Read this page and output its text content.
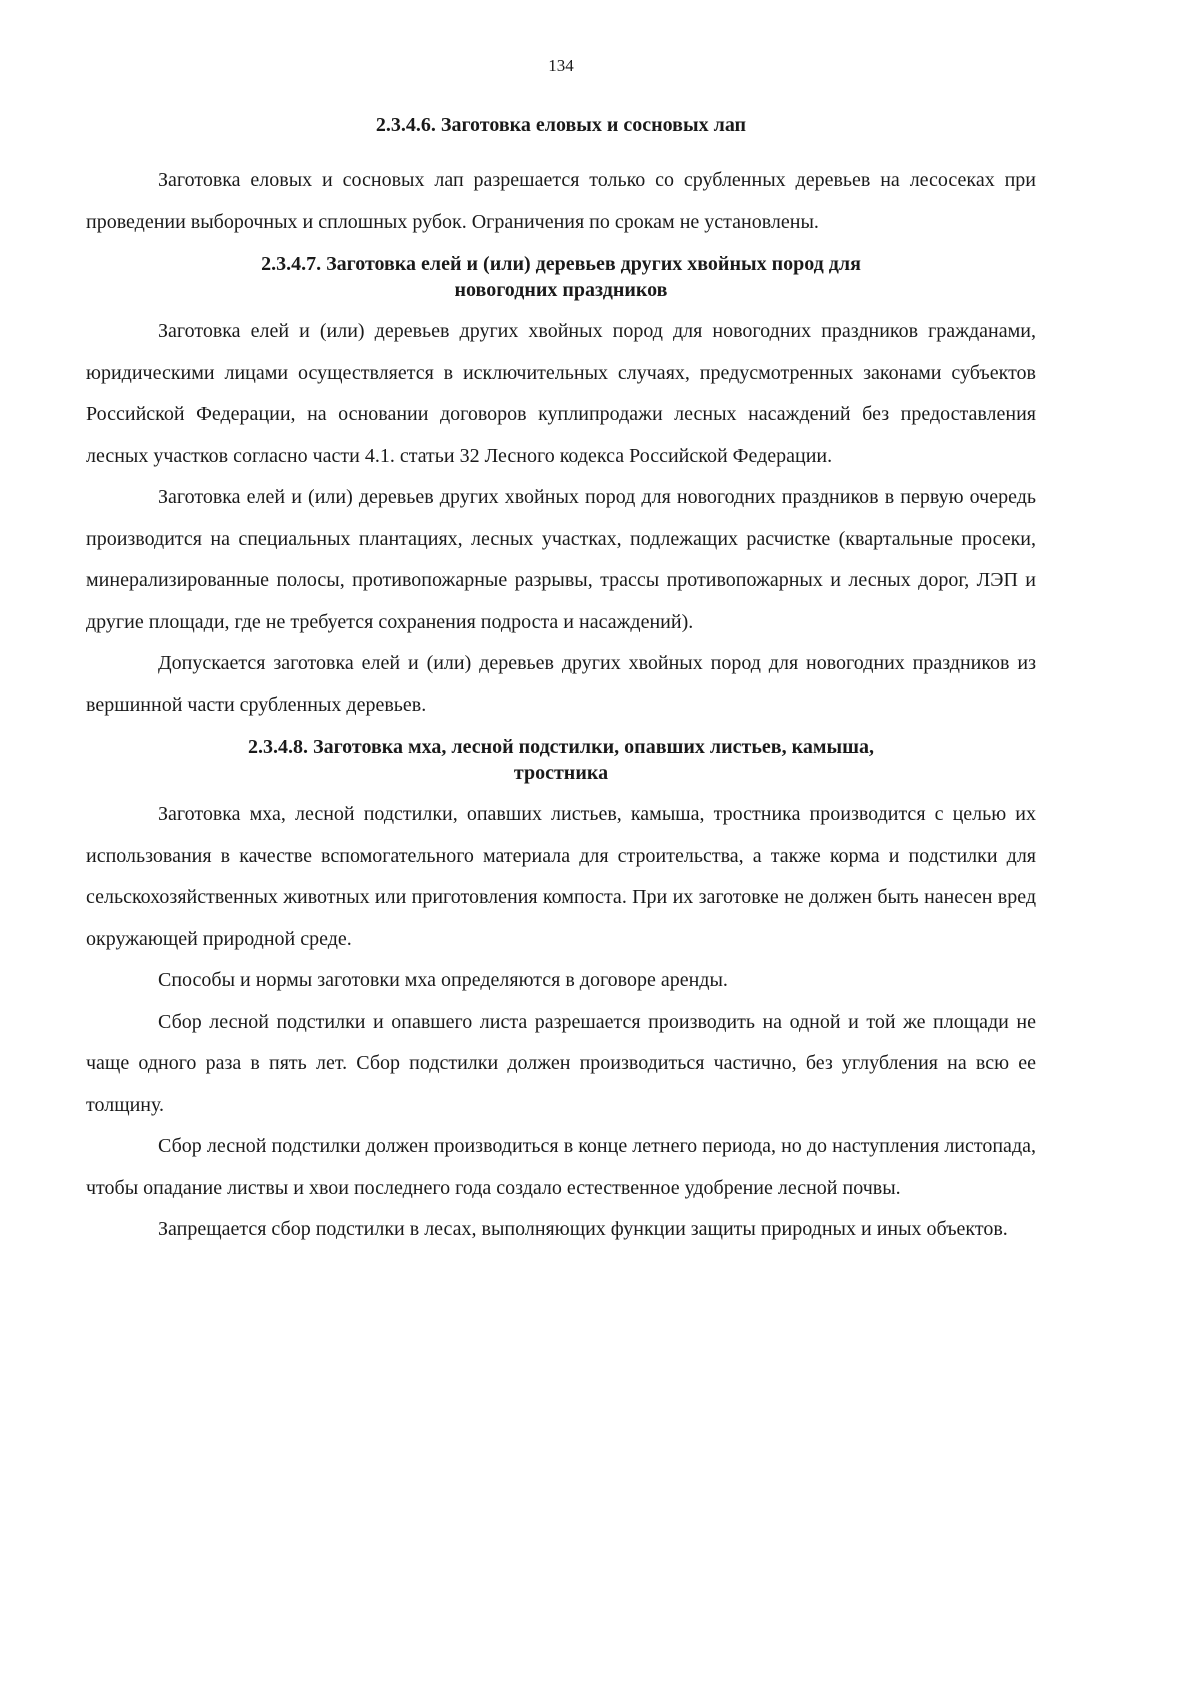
134
2.3.4.6. Заготовка еловых и сосновых лап

Заготовка еловых и сосновых лап разрешается только со срубленных деревьев на лесосеках при проведении выборочных и сплошных рубок. Ограничения по срокам не установлены.

2.3.4.7. Заготовка елей и (или) деревьев других хвойных пород для
новогодних праздников

Заготовка елей и (или) деревьев других хвойных пород для новогодних праздников гражданами, юридическими лицами осуществляется в исключительных случаях, предусмотренных законами субъектов Российской Федерации, на основании договоров куплипродажи лесных насаждений без предоставления лесных участков согласно части 4.1. статьи 32 Лесного кодекса Российской Федерации.

Заготовка елей и (или) деревьев других хвойных пород для новогодних праздников в первую очередь производится на специальных плантациях, лесных участках, подлежащих расчистке (квартальные просеки, минерализированные полосы, противопожарные разрывы, трассы противопожарных и лесных дорог, ЛЭП и другие площади, где не требуется сохранения подроста и насаждений).

Допускается заготовка елей и (или) деревьев других хвойных пород для новогодних праздников из вершинной части срубленных деревьев.

2.3.4.8. Заготовка мха, лесной подстилки, опавших листьев, камыша,
тростника

Заготовка мха, лесной подстилки, опавших листьев, камыша, тростника производится с целью их использования в качестве вспомогательного материала для строительства, а также корма и подстилки для сельскохозяйственных животных или приготовления компоста. При их заготовке не должен быть нанесен вред окружающей природной среде.

Способы и нормы заготовки мха определяются в договоре аренды.

Сбор лесной подстилки и опавшего листа разрешается производить на одной и той же площади не чаще одного раза в пять лет. Сбор подстилки должен производиться частично, без углубления на всю ее толщину.

Сбор лесной подстилки должен производиться в конце летнего периода, но до наступления листопада, чтобы опадание листвы и хвои последнего года создало естественное удобрение лесной почвы.

Запрещается сбор подстилки в лесах, выполняющих функции защиты природных и иных объектов.
